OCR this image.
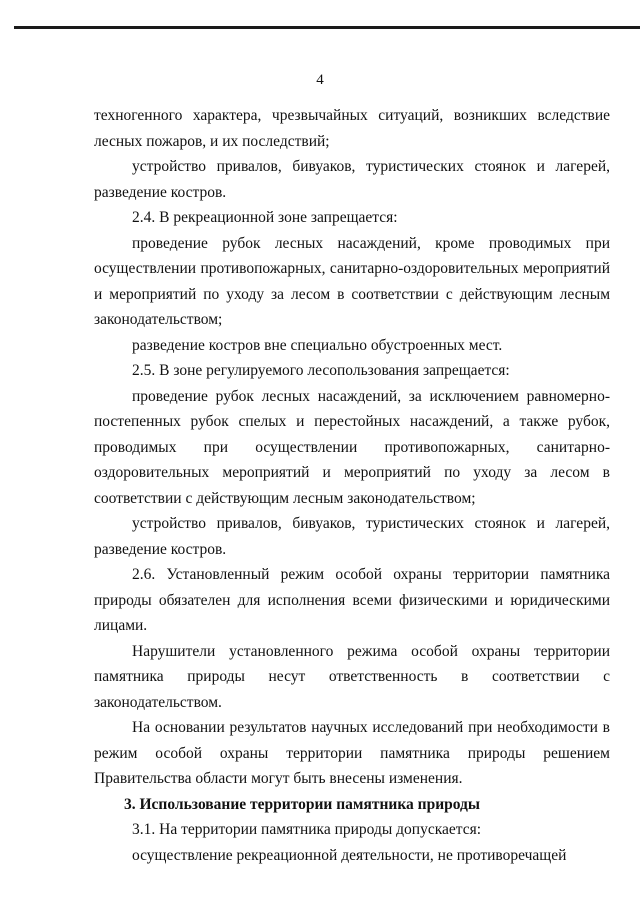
4

техногенного характера, чрезвычайных ситуаций, возникших вследствие лесных пожаров, и их последствий;

устройство привалов, бивуаков, туристических стоянок и лагерей, разведение костров.

2.4. В рекреационной зоне запрещается:

проведение рубок лесных насаждений, кроме проводимых при осуществлении противопожарных, санитарно-оздоровительных мероприятий и мероприятий по уходу за лесом в соответствии с действующим лесным законодательством;

разведение костров вне специально обустроенных мест.

2.5. В зоне регулируемого лесопользования запрещается:

проведение рубок лесных насаждений, за исключением равномерно-постепенных рубок спелых и перестойных насаждений, а также рубок, проводимых при осуществлении противопожарных, санитарно-оздоровительных мероприятий и мероприятий по уходу за лесом в соответствии с действующим лесным законодательством;

устройство привалов, бивуаков, туристических стоянок и лагерей, разведение костров.

2.6. Установленный режим особой охраны территории памятника природы обязателен для исполнения всеми физическими и юридическими лицами.

Нарушители установленного режима особой охраны территории памятника природы несут ответственность в соответствии с законодательством.

На основании результатов научных исследований при необходимости в режим особой охраны территории памятника природы решением Правительства области могут быть внесены изменения.

3. Использование территории памятника природы

3.1. На территории памятника природы допускается:

осуществление рекреационной деятельности, не противоречащей
